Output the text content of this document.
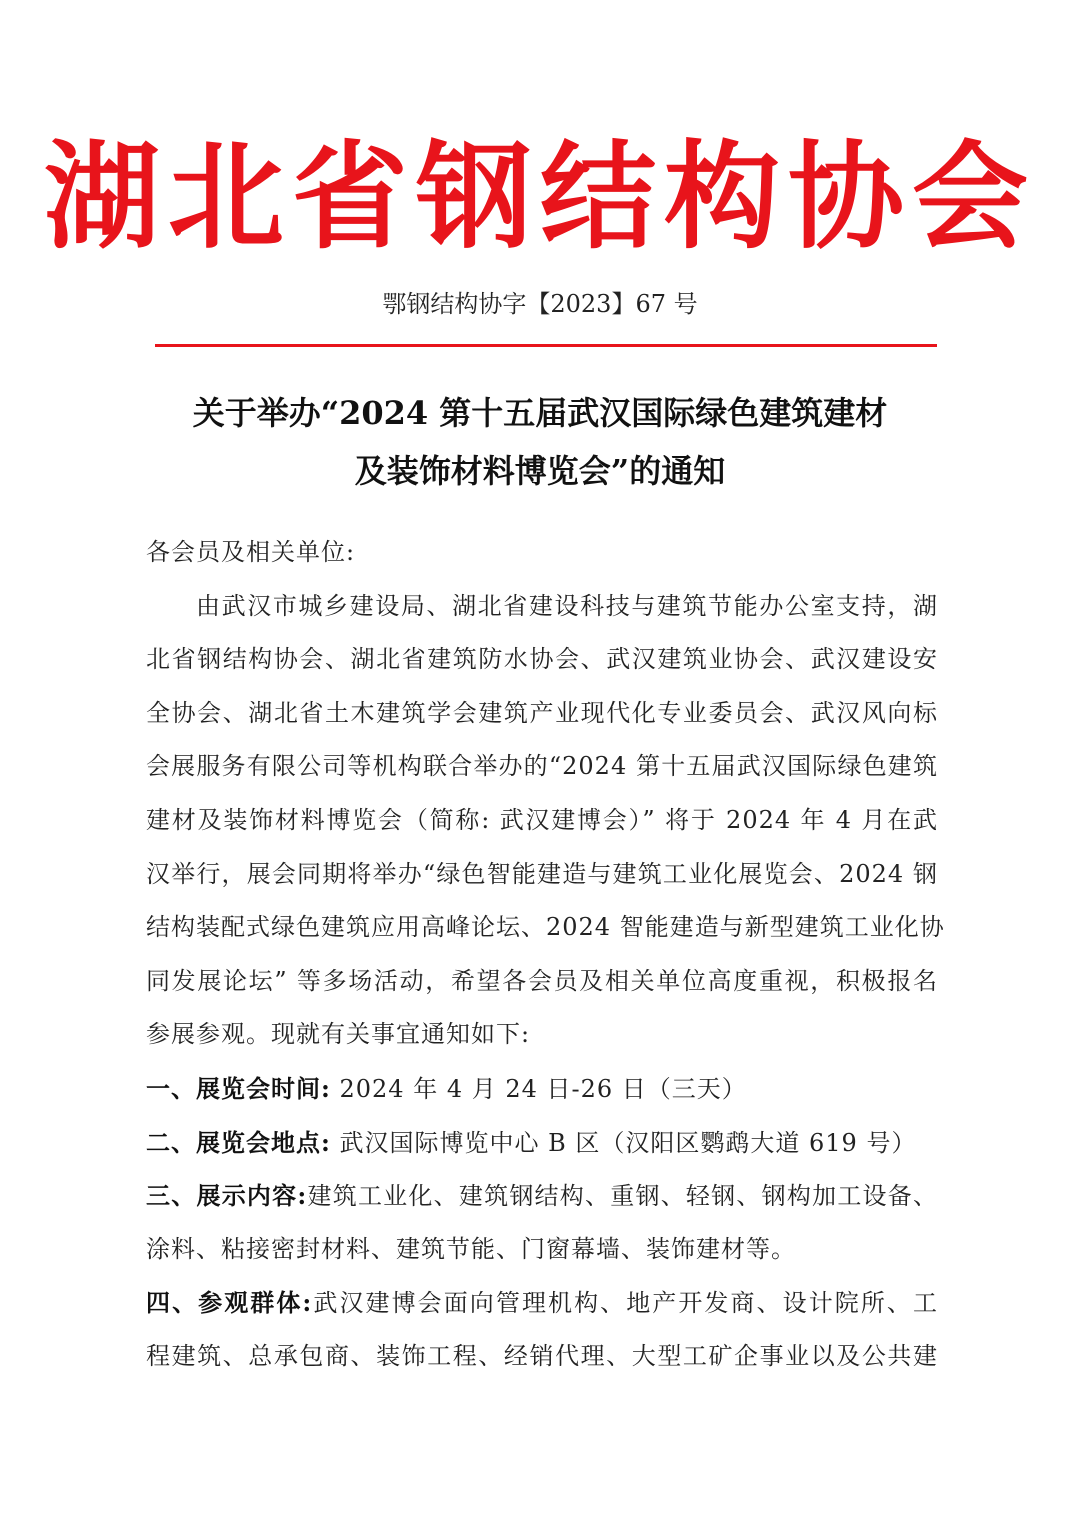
湖北省钢结构协会
鄂钢结构协字【2023】67 号
关于举办“2024 第十五届武汉国际绿色建筑建材
及装饰材料博览会”的通知
各会员及相关单位:
由武汉市城乡建设局、湖北省建设科技与建筑节能办公室支持，湖
北省钢结构协会、湖北省建筑防水协会、武汉建筑业协会、武汉建设安
全协会、湖北省土木建筑学会建筑产业现代化专业委员会、武汉风向标
会展服务有限公司等机构联合举办的“2024 第十五届武汉国际绿色建筑
建材及装饰材料博览会（简称: 武汉建博会）” 将于 2024 年 4 月在武
汉举行，展会同期将举办“绿色智能建造与建筑工业化展览会、2024 钢
结构装配式绿色建筑应用高峰论坛、2024 智能建造与新型建筑工业化协
同发展论坛” 等多场活动，希望各会员及相关单位高度重视，积极报名
参展参观。现就有关事宜通知如下:
一、展览会时间: 2024 年 4 月 24 日-26 日（三天）
二、展览会地点: 武汉国际博览中心 B 区（汉阳区鹦鹉大道 619 号）
三、展示内容:建筑工业化、建筑钢结构、重钢、轻钢、钢构加工设备、
涂料、粘接密封材料、建筑节能、门窗幕墙、装饰建材等。
四、参观群体:武汉建博会面向管理机构、地产开发商、设计院所、工
程建筑、总承包商、装饰工程、经销代理、大型工矿企事业以及公共建
